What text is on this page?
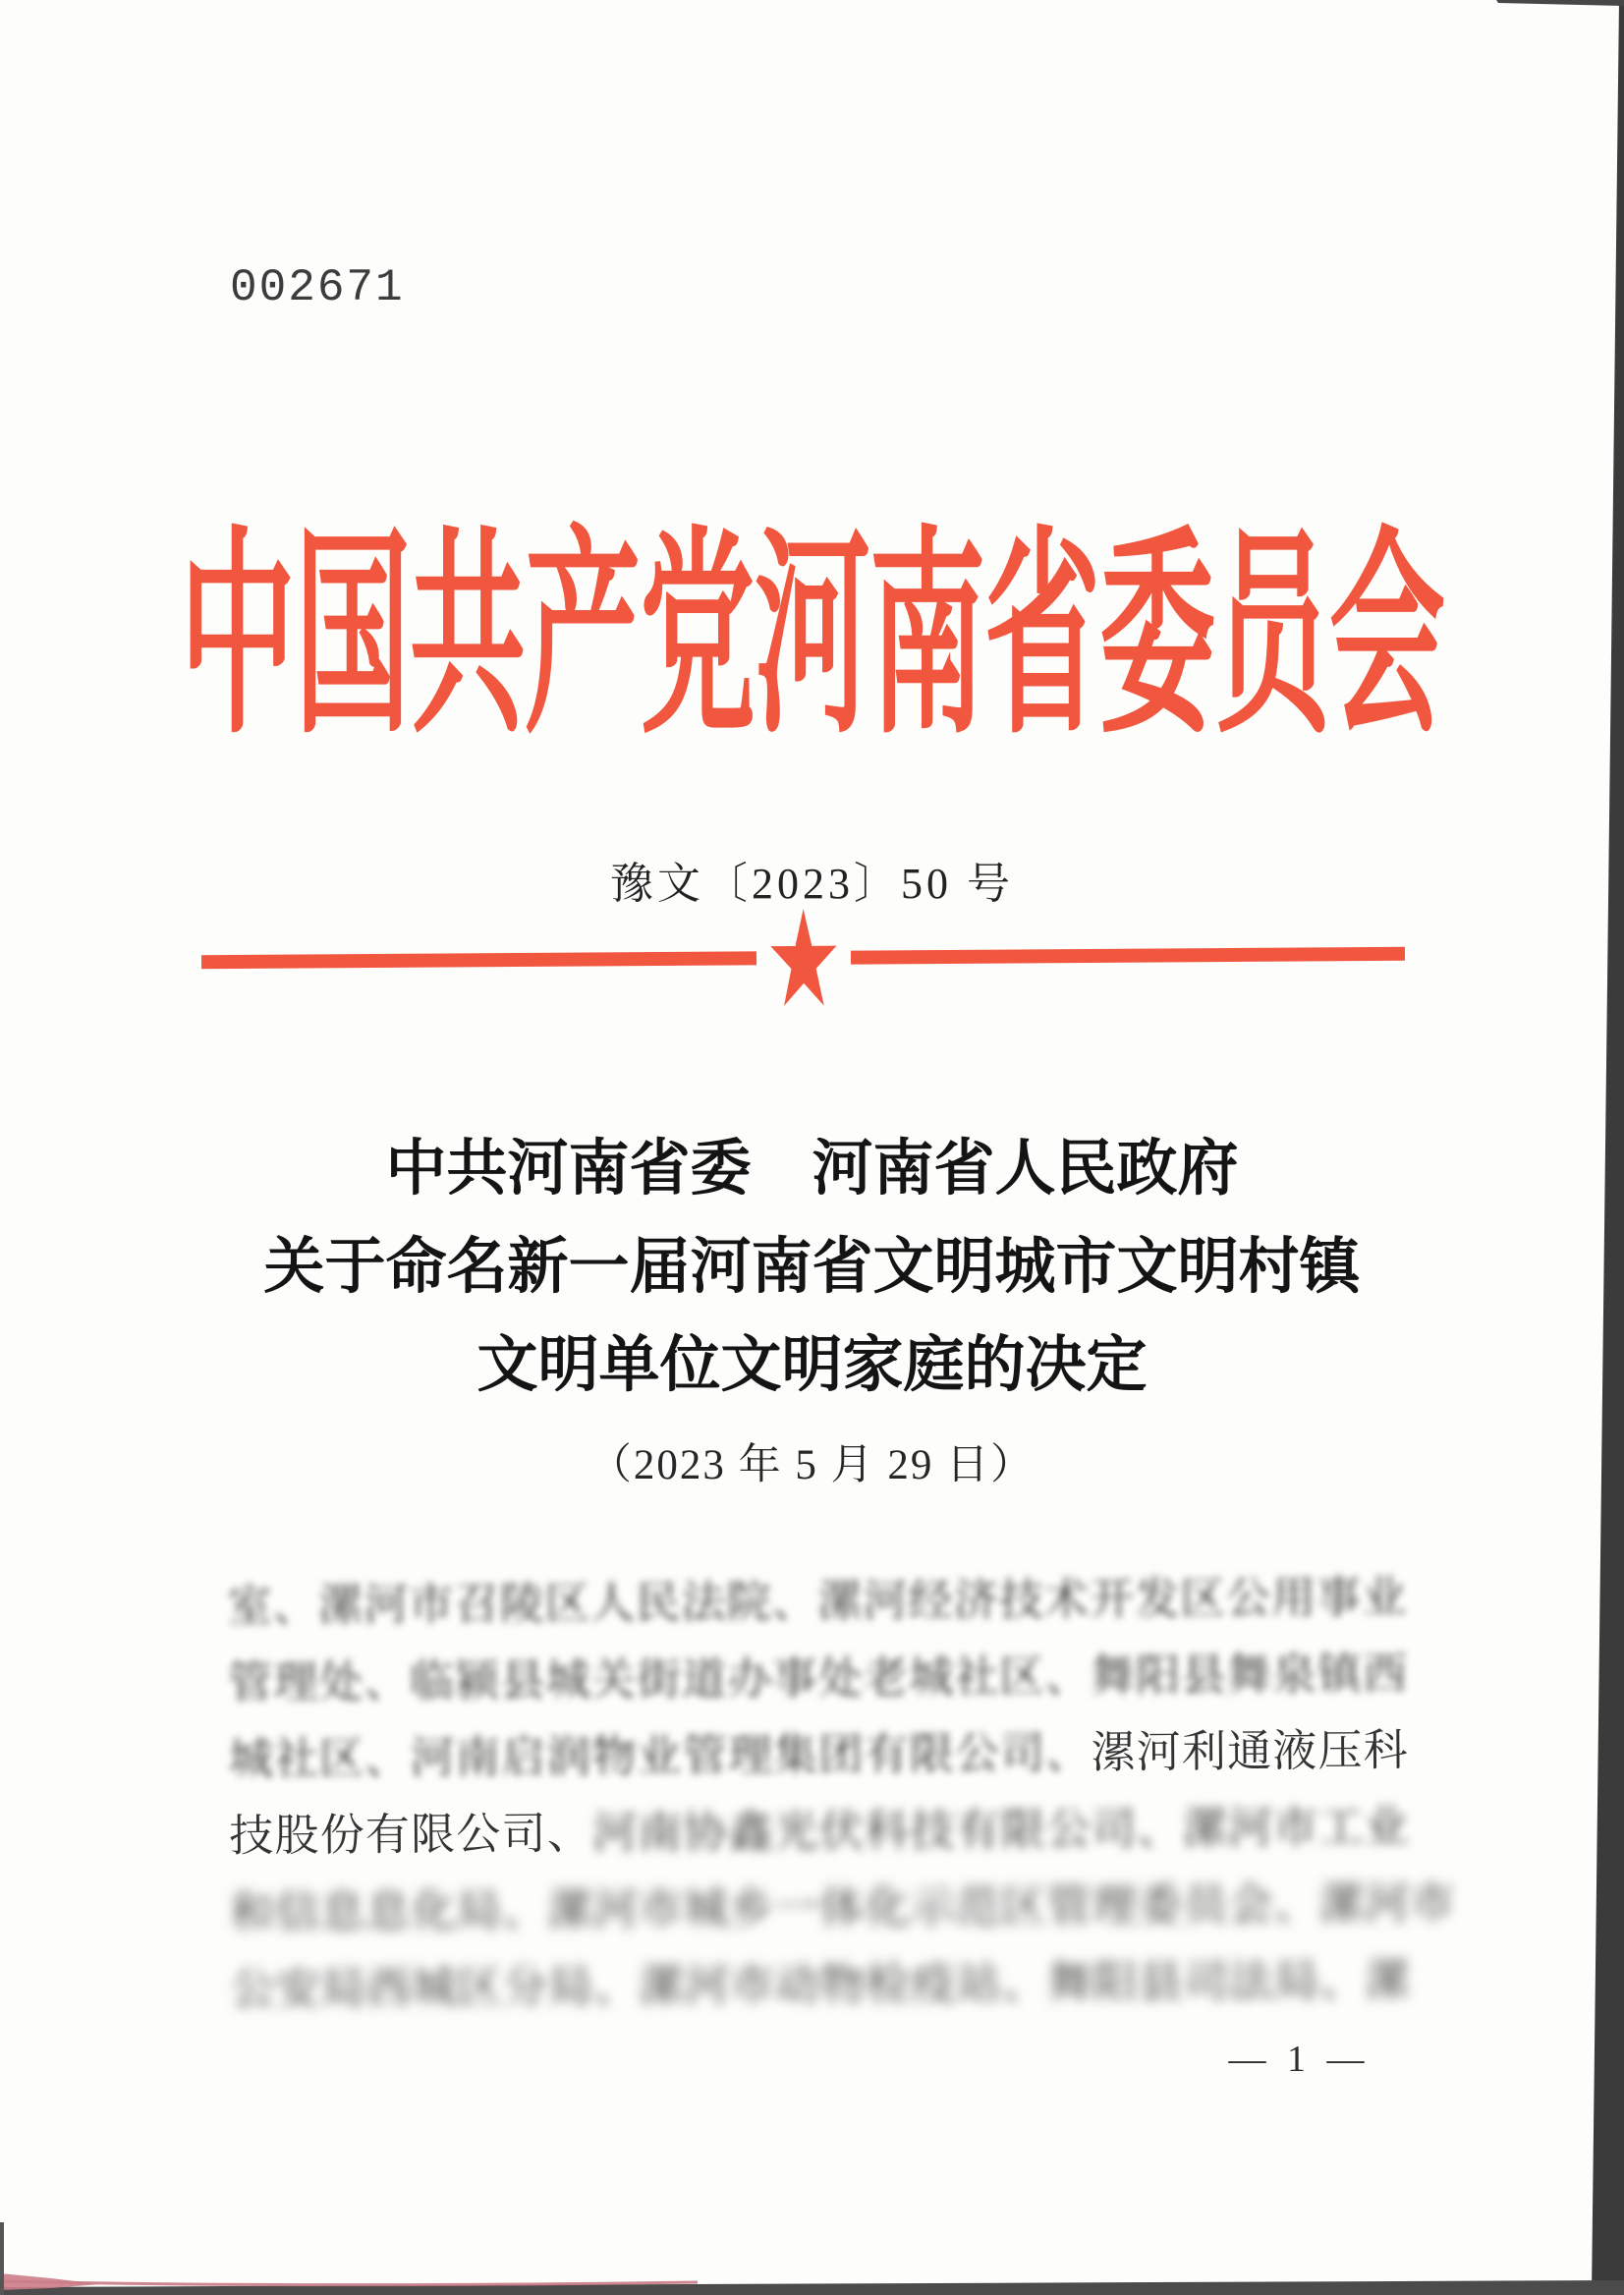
002671
中国共产党河南省委员会
豫文〔2023〕50 号
中共河南省委　河南省人民政府
关于命名新一届河南省文明城市文明村镇
文明单位文明家庭的决定
（2023 年 5 月 29 日）
室、漯河市召陵区人民法院、漯河经济技术开发区公用事业
管理处、临颍县城关街道办事处老城社区、舞阳县舞泉镇西
城社区、河南启润物业管理集团有限公司、漯河利通液压科
技股份有限公司、河南协鑫光伏科技有限公司、漯河市工业
和信息息化局、漯河市城乡一体化示范区管理委员会、漯河市
公安局西城区分局、漯河市动物检疫站、舞阳县司法局、漯
— 1 —
